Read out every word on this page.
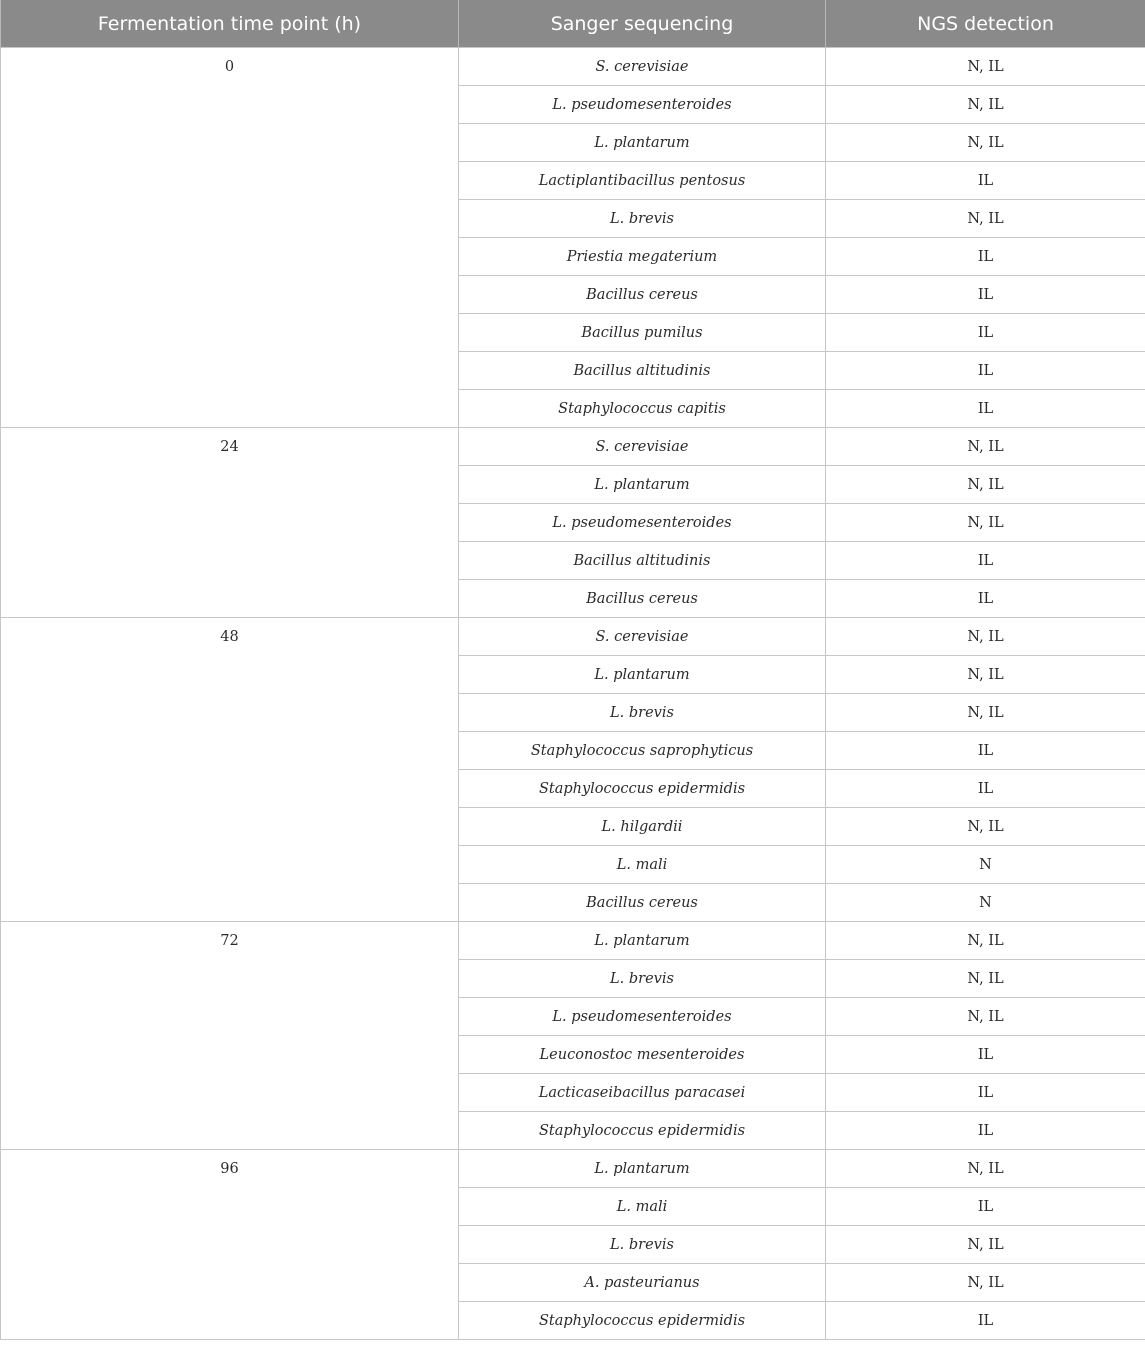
Fermentation time point (h)	Sanger sequencing	NGS detection
0	S. cerevisiae	N, IL
	L. pseudomesenteroides	N, IL
	L. plantarum	N, IL
	Lactiplantibacillus pentosus	IL
	L. brevis	N, IL
	Priestia megaterium	IL
	Bacillus cereus	IL
	Bacillus pumilus	IL
	Bacillus altitudinis	IL
	Staphylococcus capitis	IL
24	S. cerevisiae	N, IL
	L. plantarum	N, IL
	L. pseudomesenteroides	N, IL
	Bacillus altitudinis	IL
	Bacillus cereus	IL
48	S. cerevisiae	N, IL
	L. plantarum	N, IL
	L. brevis	N, IL
	Staphylococcus saprophyticus	IL
	Staphylococcus epidermidis	IL
	L. hilgardii	N, IL
	L. mali	N
	Bacillus cereus	N
72	L. plantarum	N, IL
	L. brevis	N, IL
	L. pseudomesenteroides	N, IL
	Leuconostoc mesenteroides	IL
	Lacticaseibacillus paracasei	IL
	Staphylococcus epidermidis	IL
96	L. plantarum	N, IL
	L. mali	IL
	L. brevis	N, IL
	A. pasteurianus	N, IL
	Staphylococcus epidermidis	IL
